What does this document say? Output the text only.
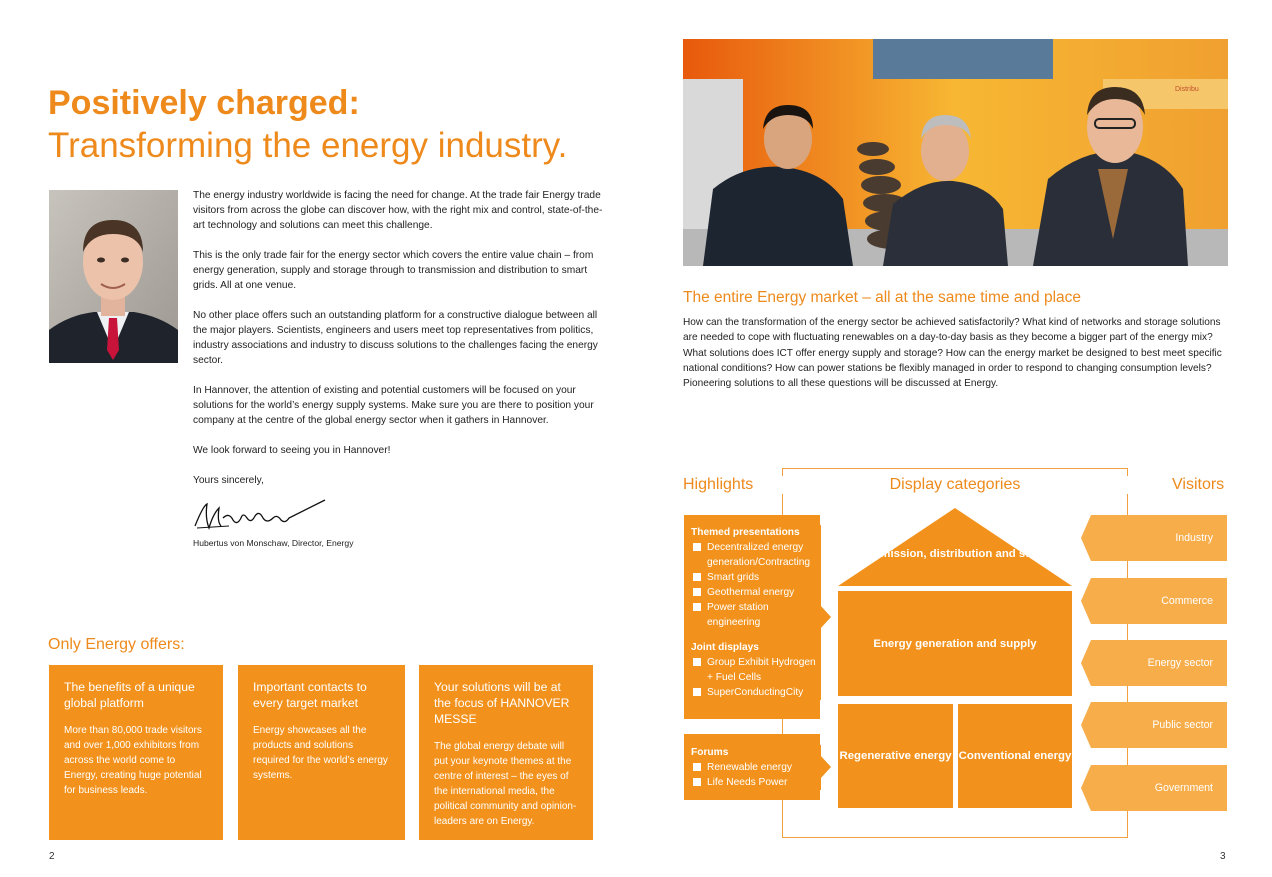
Positively charged:
Transforming the energy industry.

The energy industry worldwide is facing the need for change. At the trade fair Energy trade visitors from across the globe can discover how, with the right mix and control, state-of-the-art technology and solutions can meet this challenge.

This is the only trade fair for the energy sector which covers the entire value chain – from energy generation, supply and storage through to transmission and distribution to smart grids. All at one venue.

No other place offers such an outstanding platform for a constructive dialogue between all the major players. Scientists, engineers and users meet top representatives from politics, industry associations and industry to discuss solutions to the challenges facing the energy sector.

In Hannover, the attention of existing and potential customers will be focused on your solutions for the world’s energy supply systems. Make sure you are there to position your company at the centre of the global energy sector when it gathers in Hannover.

We look forward to seeing you in Hannover!

Yours sincerely,

Hubertus von Monschaw, Director, Energy
Only Energy offers:
The benefits of a unique global platform
More than 80,000 trade visitors and over 1,000 exhibitors from across the world come to Energy, creating huge potential for business leads.
Important contacts to every target market
Energy showcases all the products and solutions required for the world’s energy systems.
Your solutions will be at the focus of HANNOVER MESSE
The global energy debate will put your keynote themes at the centre of interest – the eyes of the international media, the political community and opinion-leaders are on Energy.
2
Distribu
The entire Energy market – all at the same time and place
How can the transformation of the energy sector be achieved satisfactorily? What kind of networks and storage solutions are needed to cope with fluctuating renewables on a day-to-day basis as they become a bigger part of the energy mix? What solutions does ICT offer energy supply and storage? How can the energy market be designed to best meet specific national conditions? How can power stations be flexibly managed in order to respond to changing consumption levels? Pioneering solutions to all these questions will be discussed at Energy.
Highlights	Display categories	Visitors
Themed presentations
Decentralized energy generation/Contracting
Smart grids
Geothermal energy
Power station engineering
Joint displays
Group Exhibit Hydrogen + Fuel Cells
SuperConductingCity
Forums
Renewable energy
Life Needs Power
Transmission, distribution and storage
Energy generation and supply
Regenerative energy Conventional energy
Industry
Commerce
Energy sector
Public sector
Government
3
